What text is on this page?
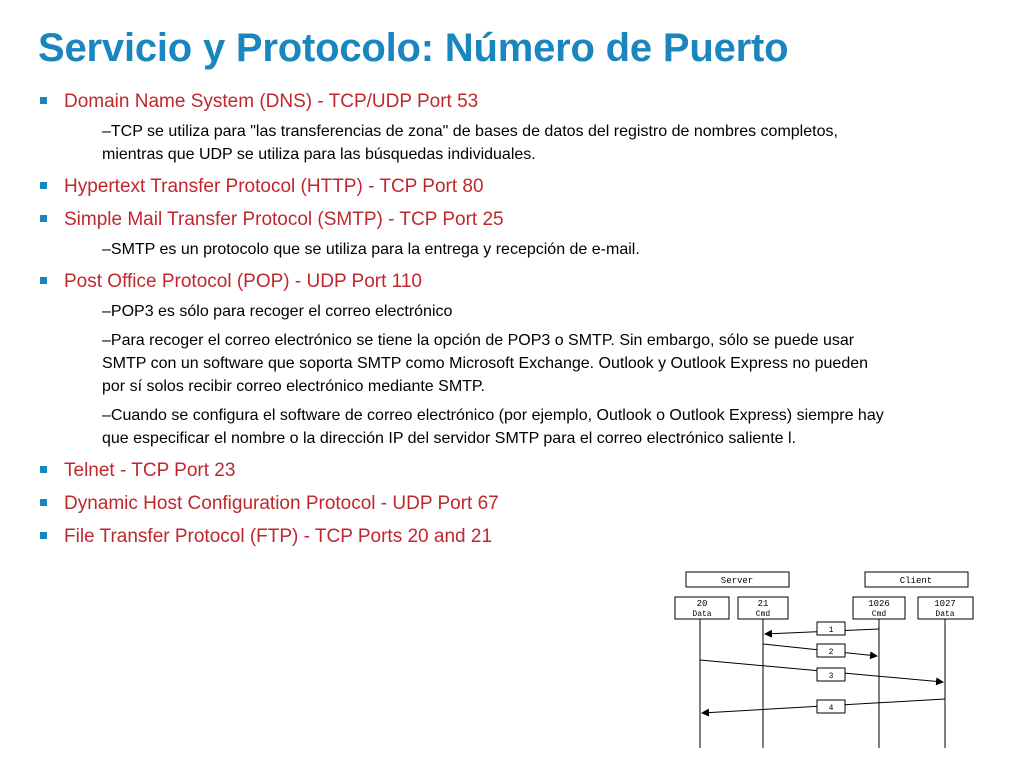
Servicio y Protocolo: Número de Puerto
Domain Name System (DNS) - TCP/UDP Port 53
–TCP se utiliza para "las transferencias de zona" de bases de datos del registro de nombres completos, mientras que UDP se utiliza para las búsquedas individuales.
Hypertext Transfer Protocol (HTTP) - TCP Port 80
Simple Mail Transfer Protocol (SMTP) - TCP Port 25
–SMTP es un protocolo que se utiliza para la entrega y recepción de e-mail.
Post Office Protocol (POP) - UDP Port 110
–POP3 es sólo para recoger el correo electrónico
–Para recoger el correo electrónico se tiene la opción de POP3 o SMTP. Sin embargo, sólo se puede usar SMTP con un software que soporta SMTP como Microsoft Exchange. Outlook y Outlook Express no pueden por sí solos recibir correo electrónico mediante SMTP.
–Cuando se configura el software de correo electrónico (por ejemplo, Outlook o Outlook Express) siempre hay que especificar el nombre o la dirección IP del servidor SMTP para el correo electrónico saliente l.
Telnet - TCP Port 23
Dynamic Host Configuration Protocol - UDP Port 67
File Transfer Protocol (FTP) - TCP Ports 20 and 21
Server	Client
20
Data
21
Cmd
1026
Cmd
1027
Data
1
2
3
4
